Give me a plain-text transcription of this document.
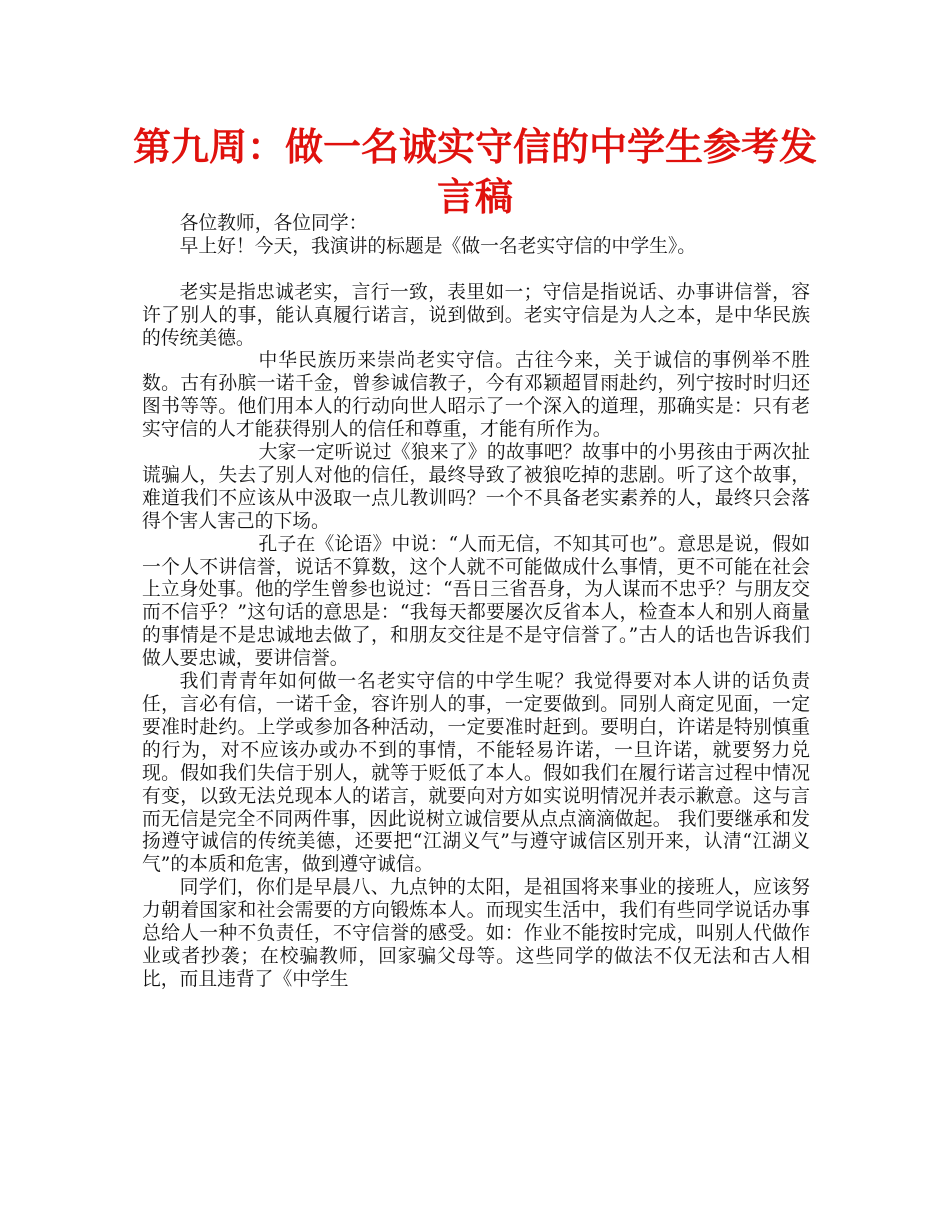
第九周：做一名诚实守信的中学生参考发言稿

各位教师，各位同学：

早上好！今天，我演讲的标题是《做一名老实守信的中学生》。

老实是指忠诚老实，言行一致，表里如一；守信是指说话、办事讲信誉，容许了别人的事，能认真履行诺言，说到做到。老实守信是为人之本，是中华民族的传统美德。

中华民族历来崇尚老实守信。古往今来，关于诚信的事例举不胜数。古有孙膑一诺千金，曾参诚信教子，今有邓颖超冒雨赴约，列宁按时时归还图书等等。他们用本人的行动向世人昭示了一个深入的道理，那确实是：只有老实守信的人才能获得别人的信任和尊重，才能有所作为。

大家一定听说过《狼来了》的故事吧？故事中的小男孩由于两次扯谎骗人，失去了别人对他的信任，最终导致了被狼吃掉的悲剧。听了这个故事，难道我们不应该从中汲取一点儿教训吗？一个不具备老实素养的人，最终只会落得个害人害己的下场。

孔子在《论语》中说：“人而无信，不知其可也”。意思是说，假如一个人不讲信誉，说话不算数，这个人就不可能做成什么事情，更不可能在社会上立身处事。他的学生曾参也说过：“吾日三省吾身，为人谋而不忠乎？与朋友交而不信乎？”这句话的意思是：“我每天都要屡次反省本人，检查本人和别人商量的事情是不是忠诚地去做了，和朋友交往是不是守信誉了。”古人的话也告诉我们做人要忠诚，要讲信誉。

我们青青年如何做一名老实守信的中学生呢？我觉得要对本人讲的话负责任，言必有信，一诺千金，容许别人的事，一定要做到。同别人商定见面，一定要准时赴约。上学或参加各种活动，一定要准时赶到。要明白，许诺是特别慎重的行为，对不应该办或办不到的事情，不能轻易许诺，一旦许诺，就要努力兑现。假如我们失信于别人，就等于贬低了本人。假如我们在履行诺言过程中情况有变，以致无法兑现本人的诺言，就要向对方如实说明情况并表示歉意。这与言而无信是完全不同两件事，因此说树立诚信要从点点滴滴做起。 我们要继承和发扬遵守诚信的传统美德，还要把“江湖义气”与遵守诚信区别开来，认清“江湖义气”的本质和危害，做到遵守诚信。

同学们，你们是早晨八、九点钟的太阳，是祖国将来事业的接班人，应该努力朝着国家和社会需要的方向锻炼本人。而现实生活中，我们有些同学说话办事总给人一种不负责任，不守信誉的感受。如：作业不能按时完成，叫别人代做作业或者抄袭；在校骗教师，回家骗父母等。这些同学的做法不仅无法和古人相比，而且违背了《中学生
